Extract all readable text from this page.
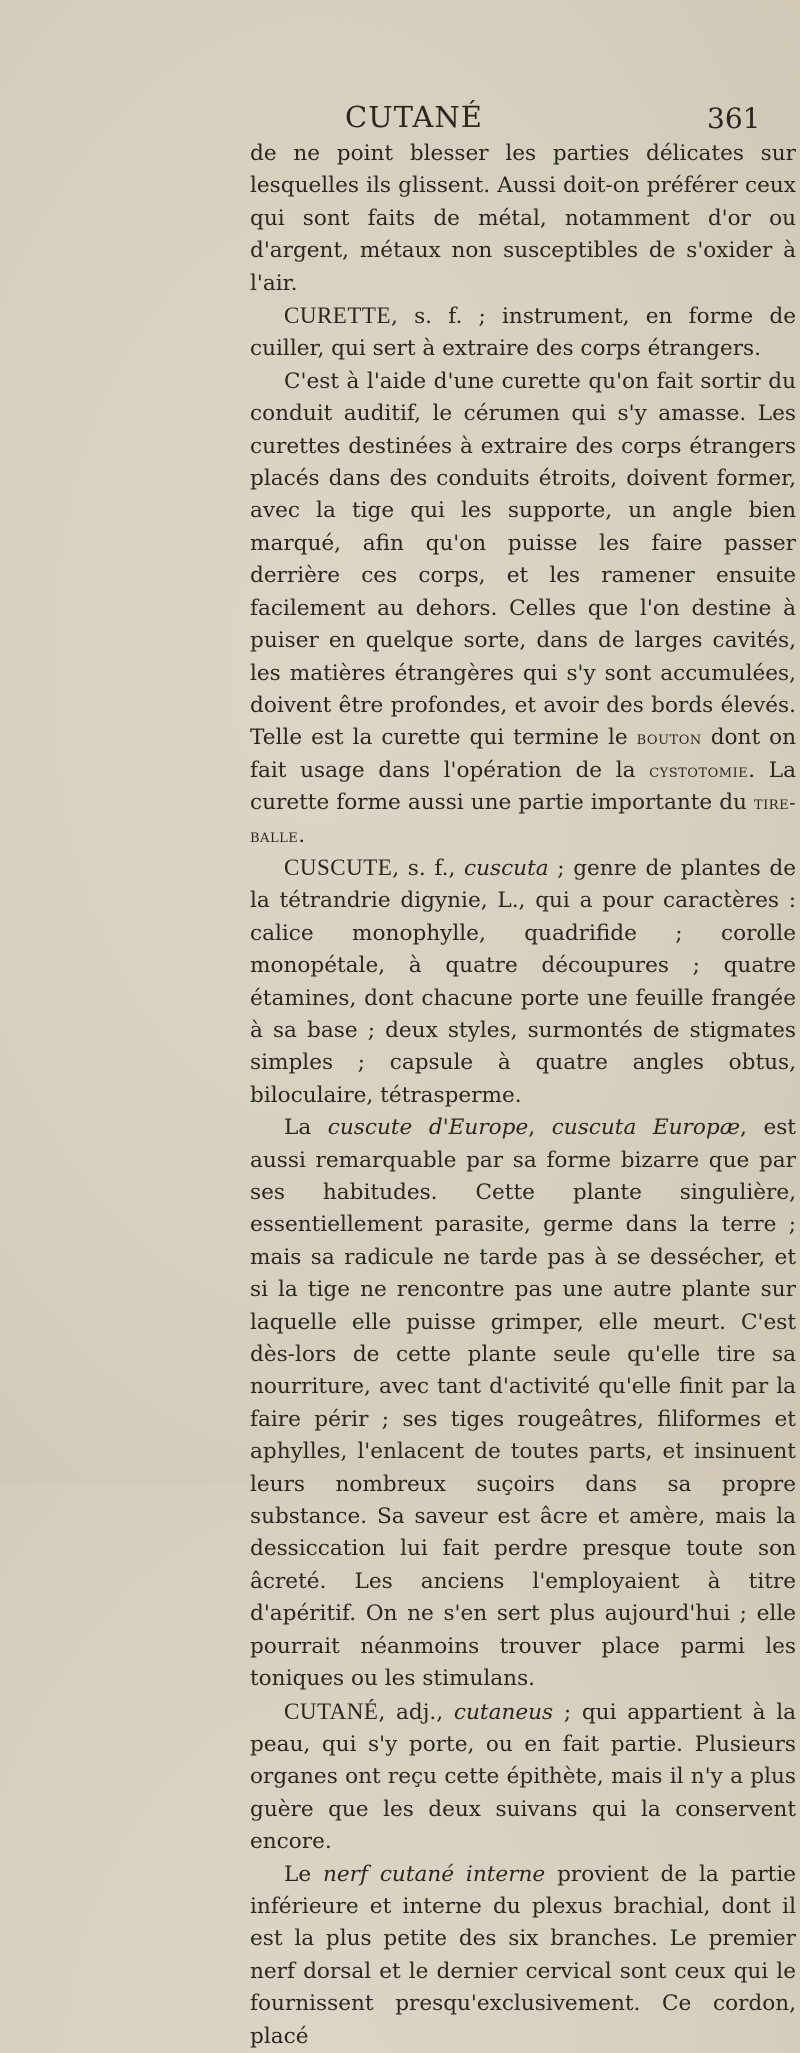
CUTANÉ	361

de ne point blesser les parties délicates sur lesquelles ils glissent. Aussi doit-on préférer ceux qui sont faits de métal, notamment d'or ou d'argent, métaux non susceptibles de s'oxider à l'air.

CURETTE, s. f. ; instrument, en forme de cuiller, qui sert à extraire des corps étrangers.

C'est à l'aide d'une curette qu'on fait sortir du conduit auditif, le cérumen qui s'y amasse. Les curettes destinées à extraire des corps étrangers placés dans des conduits étroits, doivent former, avec la tige qui les supporte, un angle bien marqué, afin qu'on puisse les faire passer derrière ces corps, et les ramener ensuite facilement au dehors. Celles que l'on destine à puiser en quelque sorte, dans de larges cavités, les matières étrangères qui s'y sont accumulées, doivent être profondes, et avoir des bords élevés. Telle est la curette qui termine le bouton dont on fait usage dans l'opération de la cystotomie. La curette forme aussi une partie importante du tire-balle.

CUSCUTE, s. f., cuscuta ; genre de plantes de la tétrandrie digynie, L., qui a pour caractères : calice monophylle, quadrifide ; corolle monopétale, à quatre découpures ; quatre étamines, dont chacune porte une feuille frangée à sa base ; deux styles, surmontés de stigmates simples ; capsule à quatre angles obtus, biloculaire, tétrasperme.

La cuscute d'Europe, cuscuta Europæ, est aussi remarquable par sa forme bizarre que par ses habitudes. Cette plante singulière, essentiellement parasite, germe dans la terre ; mais sa radicule ne tarde pas à se dessécher, et si la tige ne rencontre pas une autre plante sur laquelle elle puisse grimper, elle meurt. C'est dès-lors de cette plante seule qu'elle tire sa nourriture, avec tant d'activité qu'elle finit par la faire périr ; ses tiges rougeâtres, filiformes et aphylles, l'enlacent de toutes parts, et insinuent leurs nombreux suçoirs dans sa propre substance. Sa saveur est âcre et amère, mais la dessiccation lui fait perdre presque toute son âcreté. Les anciens l'employaient à titre d'apéritif. On ne s'en sert plus aujourd'hui ; elle pourrait néanmoins trouver place parmi les toniques ou les stimulans.

CUTANÉ, adj., cutaneus ; qui appartient à la peau, qui s'y porte, ou en fait partie. Plusieurs organes ont reçu cette épithète, mais il n'y a plus guère que les deux suivans qui la conservent encore.

Le nerf cutané interne provient de la partie inférieure et interne du plexus brachial, dont il est la plus petite des six branches. Le premier nerf dorsal et le dernier cervical sont ceux qui le fournissent presqu'exclusivement. Ce cordon, placé
